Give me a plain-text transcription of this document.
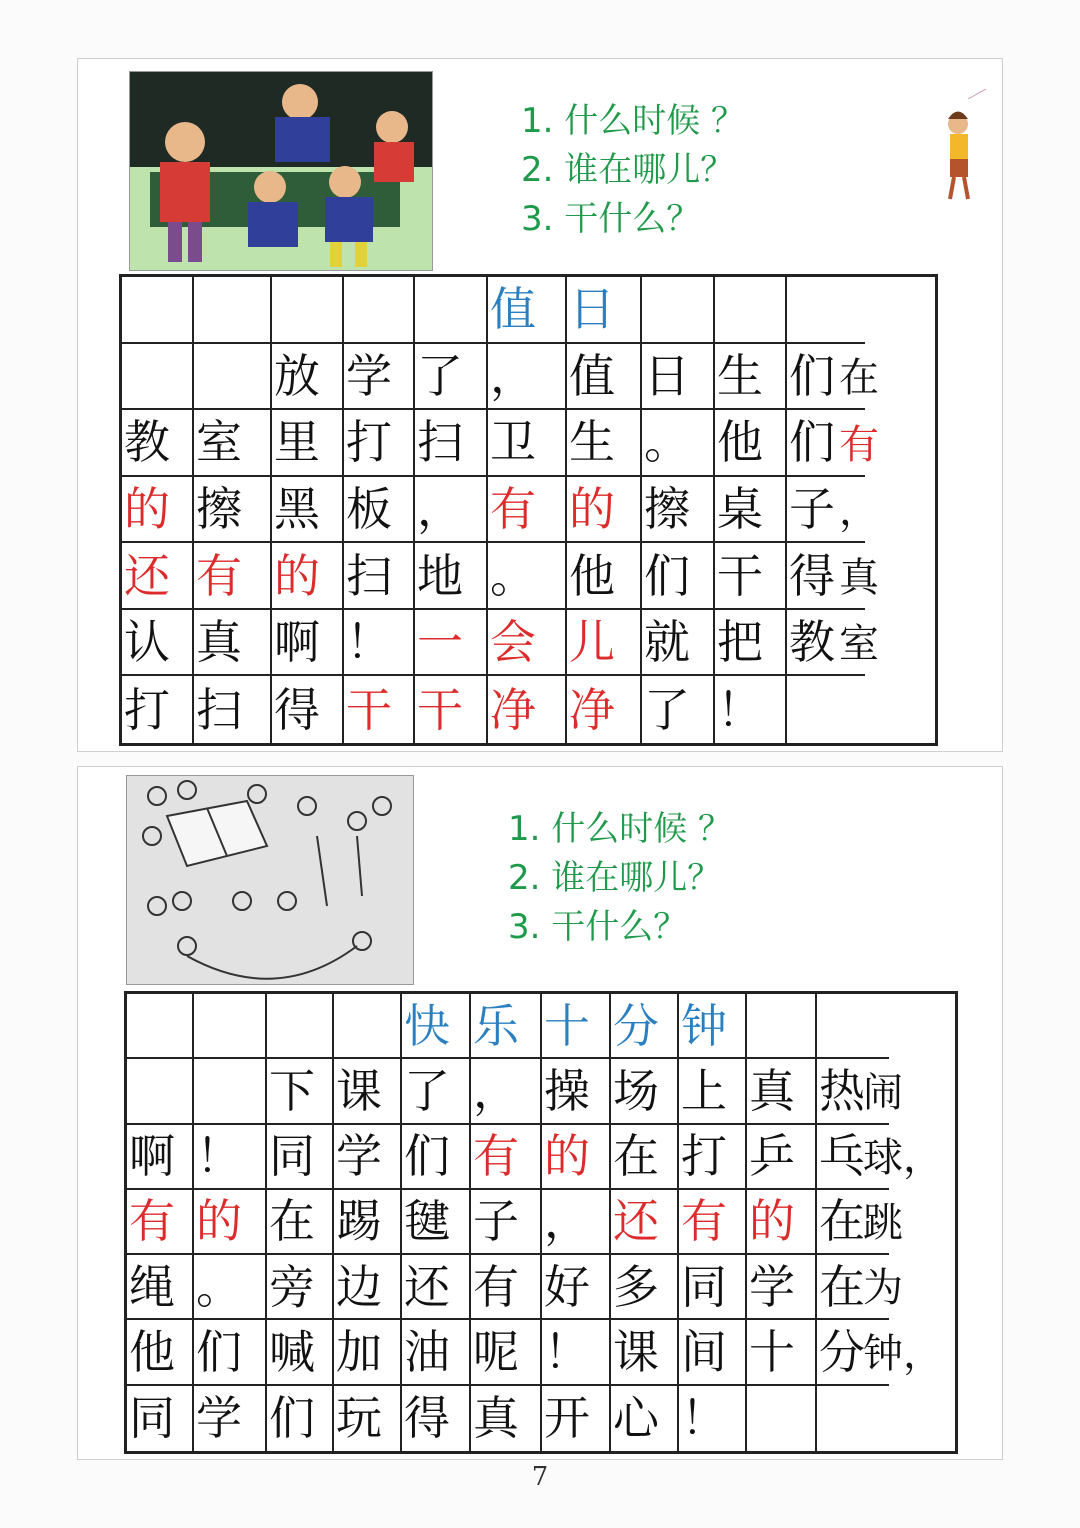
1. 什么时候 ？
2. 谁在哪儿？
3. 干什么？
值 日
放 学 了 ， 值 日 生 们 在
教 室 里 打 扫 卫 生 。 他 们 有
的 擦 黑 板 ， 有 的 擦 桌 子 ，
还 有 的 扫 地 。 他 们 干 得 真
认 真 啊 ！ 一 会 儿 就 把 教 室
打 扫 得 干 干 净 净 了 ！
1. 什么时候 ？
2. 谁在哪儿？
3. 干什么？
快 乐 十 分 钟
下 课 了 ， 操 场 上 真 热
闹
啊 ！ 同 学 们 有 的 在 打 乒 乓
球 ，
有 的 在 踢 毽 子 ， 还 有 的 在
跳
绳 。 旁 边 还 有 好 多 同 学 在
为
他 们 喊 加 油 呢 ！ 课 间 十 分
钟 ，
同 学 们 玩 得 真 开 心 ！
7
